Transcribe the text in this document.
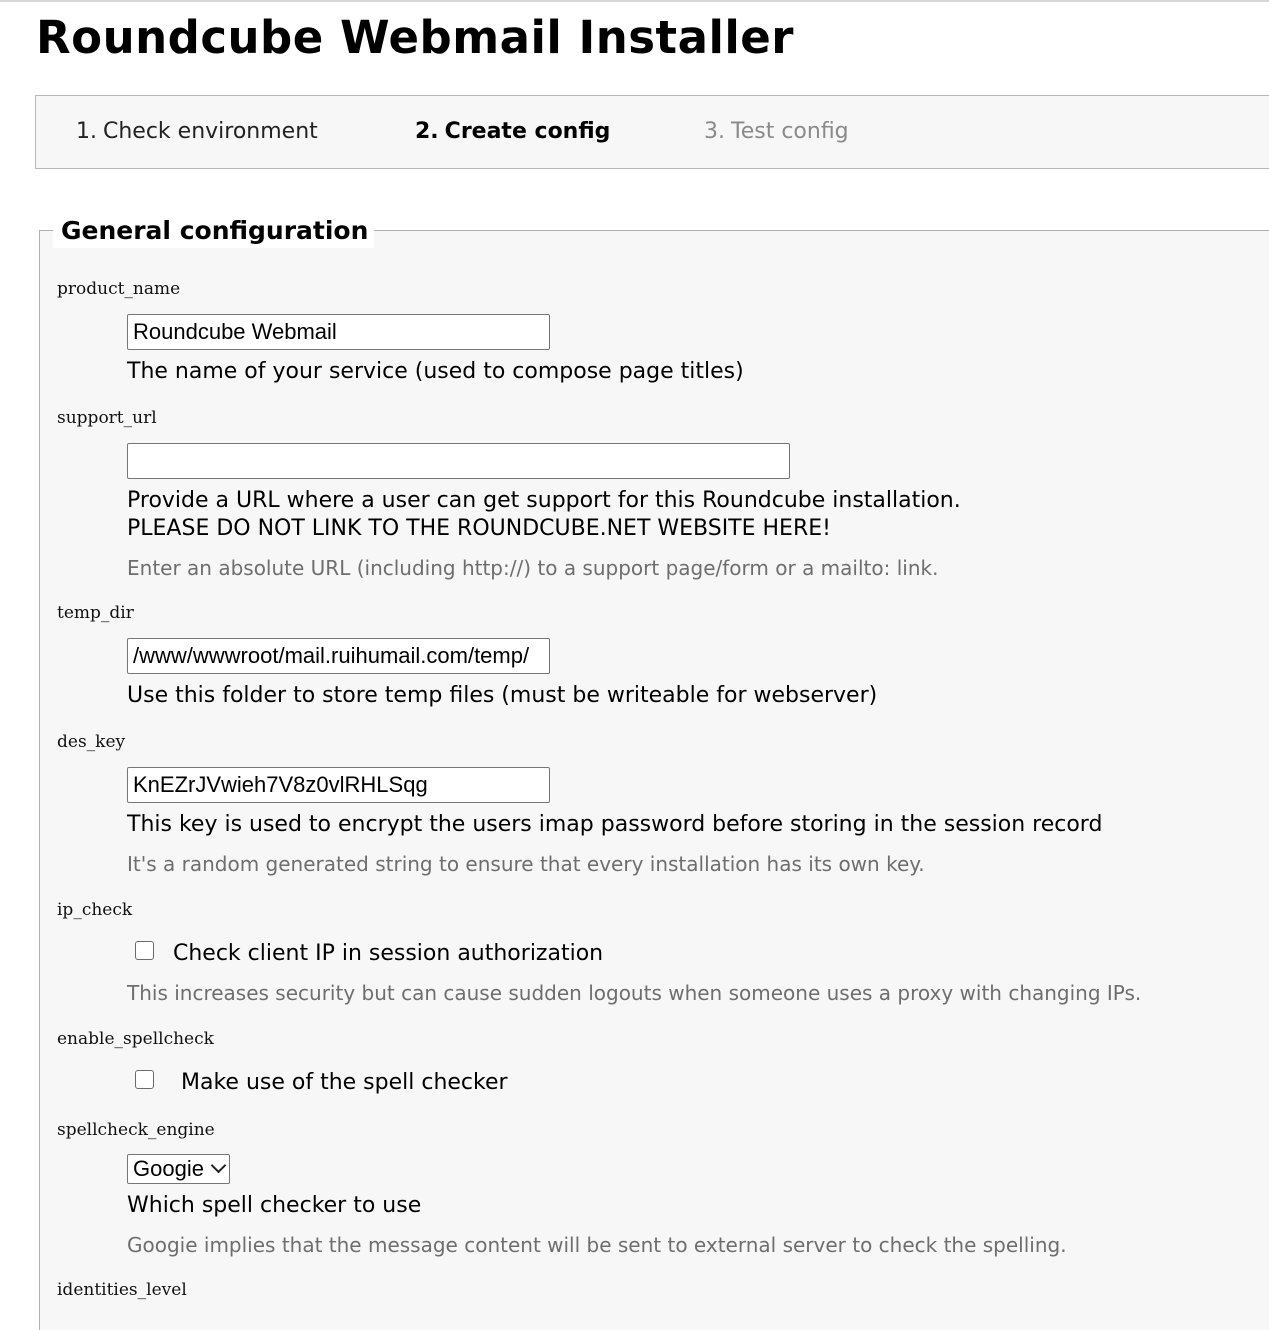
Roundcube Webmail Installer
1. Check environment	2. Create config	3. Test config
General configuration
product_name
Roundcube Webmail
The name of your service (used to compose page titles)
support_url
Provide a URL where a user can get support for this Roundcube installation.
PLEASE DO NOT LINK TO THE ROUNDCUBE.NET WEBSITE HERE!
Enter an absolute URL (including http://) to a support page/form or a mailto: link.
temp_dir
/www/wwwroot/mail.ruihumail.com/temp/
Use this folder to store temp files (must be writeable for webserver)
des_key
KnEZrJVwieh7V8z0vlRHLSqg
This key is used to encrypt the users imap password before storing in the session record
It's a random generated string to ensure that every installation has its own key.
ip_check
Check client IP in session authorization
This increases security but can cause sudden logouts when someone uses a proxy with changing IPs.
enable_spellcheck
Make use of the spell checker
spellcheck_engine
Googie
Which spell checker to use
Googie implies that the message content will be sent to external server to check the spelling.
identities_level
